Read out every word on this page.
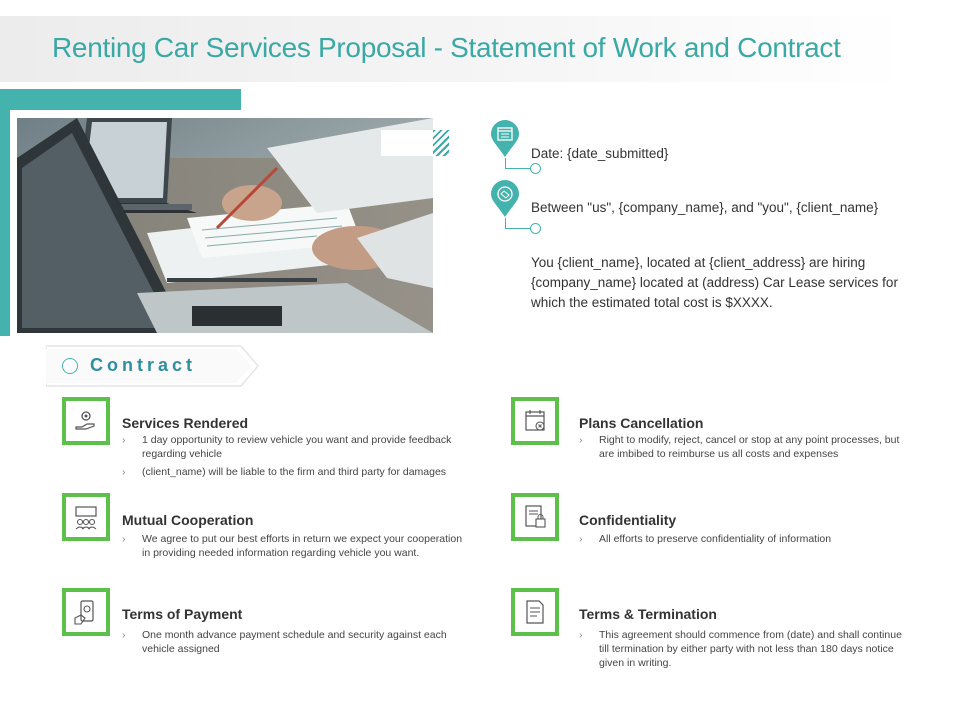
Renting Car Services Proposal - Statement of Work and Contract
Date: {date_submitted}
Between "us", {company_name}, and "you", {client_name}
You {client_name}, located at {client_address} are hiring {company_name} located at (address) Car Lease services for which the estimated total cost is $XXXX.
Contract
Services Rendered
› 1 day opportunity to review vehicle you want and provide feedback regarding vehicle
› (client_name) will be liable to the firm and third party for damages
Mutual Cooperation
› We agree to put our best efforts in return we expect your cooperation in providing needed information regarding vehicle you want.
Terms of Payment
› One month advance payment schedule and security against each vehicle assigned
Plans Cancellation
› Right to modify, reject, cancel or stop at any point processes, but are imbibed to reimburse us all costs and expenses
Confidentiality
› All efforts to preserve confidentiality of information
Terms & Termination
› This agreement should commence from (date) and shall continue till termination by either party with not less than 180 days notice given in writing.
